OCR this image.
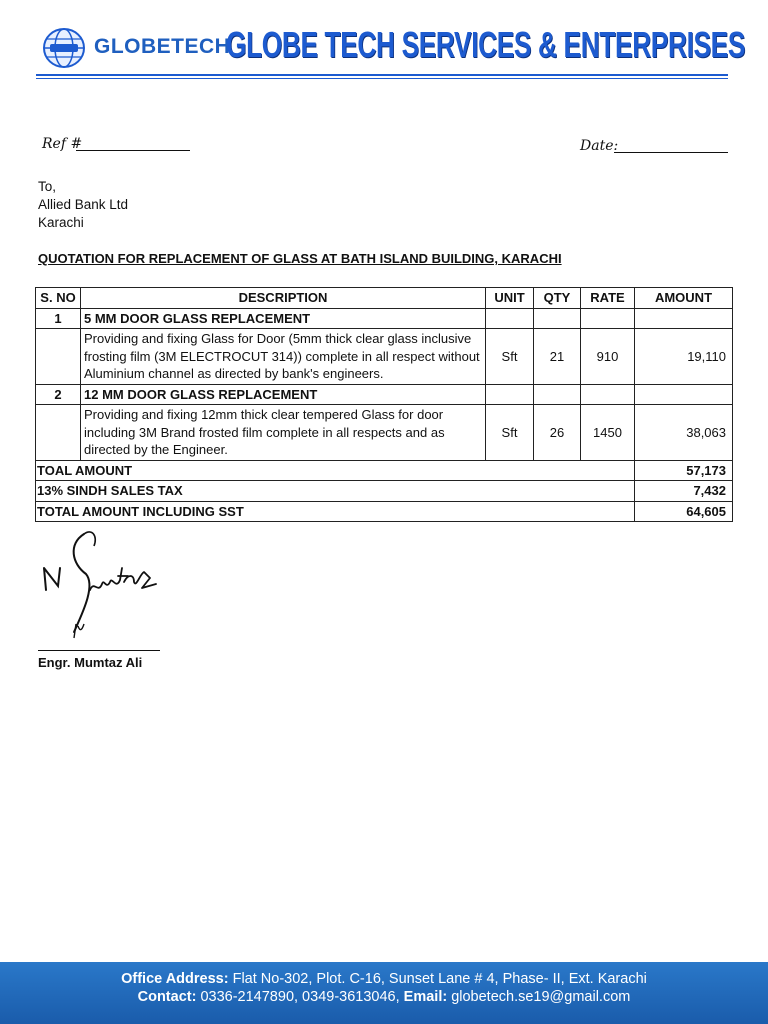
GLOBETECH
GLOBE TECH SERVICES & ENTERPRISES
Ref #	Date:
To,
Allied Bank Ltd
Karachi
QUOTATION FOR REPLACEMENT OF GLASS AT BATH ISLAND BUILDING, KARACHI
S. NO	DESCRIPTION	UNIT	QTY	RATE	AMOUNT
1	5 MM DOOR GLASS REPLACEMENT				
	Providing and fixing Glass for Door (5mm thick clear glass inclusive frosting film (3M ELECTROCUT 314)) complete in all respect without Aluminium channel as directed by bank's engineers.	Sft	21	910	19,110
2	12 MM DOOR GLASS REPLACEMENT				
	Providing and fixing 12mm thick clear tempered Glass for door including 3M Brand frosted film complete in all respects and as directed by the Engineer.	Sft	26	1450	38,063
TOAL AMOUNT					57,173
13% SINDH SALES TAX					7,432
TOTAL AMOUNT INCLUDING SST					64,605
Engr. Mumtaz Ali
Office Address: Flat No-302, Plot. C-16, Sunset Lane # 4, Phase- II, Ext. Karachi
Contact: 0336-2147890, 0349-3613046, Email: globetech.se19@gmail.com
